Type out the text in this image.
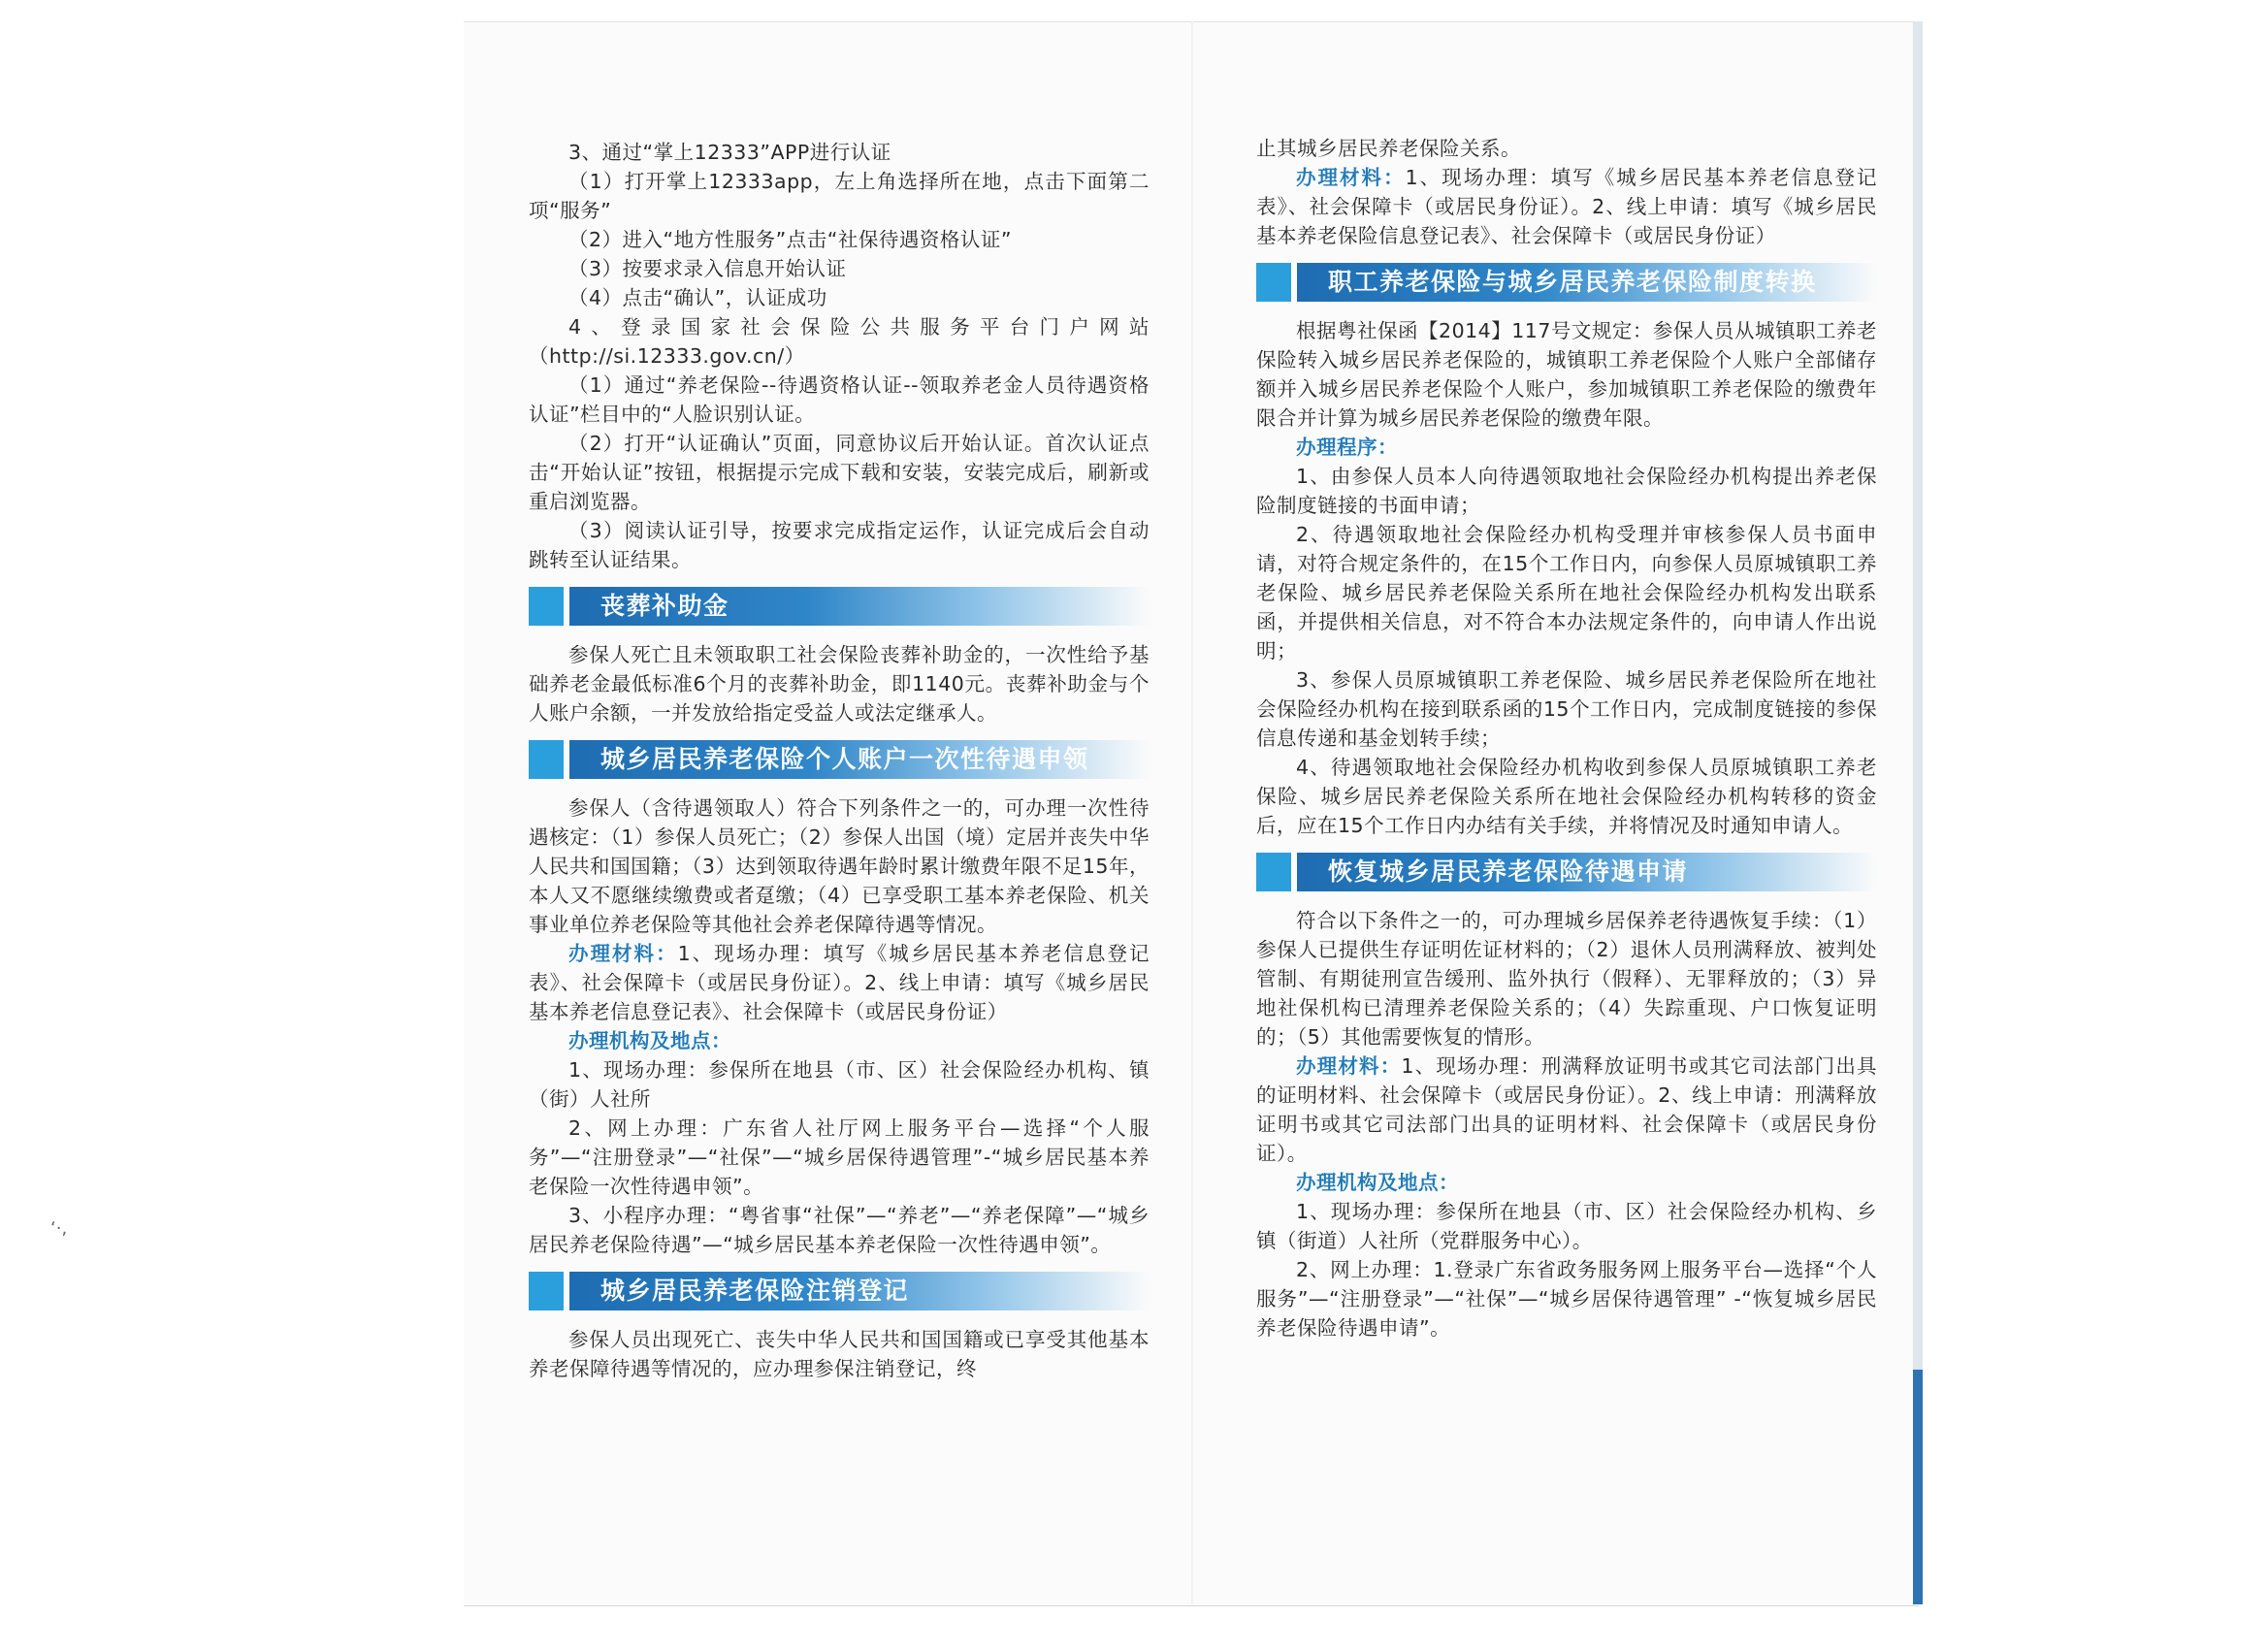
‘·,

3、通过“掌上12333”APP进行认证

（1）打开掌上12333app，左上角选择所在地，点击下面第二项“服务”

（2）进入“地方性服务”点击“社保待遇资格认证”

（3）按要求录入信息开始认证

（4）点击“确认”，认证成功

4、登录国家社会保险公共服务平台门户网站（http://si.12333.gov.cn/）

（1）通过“养老保险--待遇资格认证--领取养老金人员待遇资格认证”栏目中的“人脸识别认证。

（2）打开“认证确认”页面，同意协议后开始认证。首次认证点击“开始认证”按钮，根据提示完成下载和安装，安装完成后，刷新或重启浏览器。

（3）阅读认证引导，按要求完成指定运作，认证完成后会自动跳转至认证结果。

丧葬补助金

参保人死亡且未领取职工社会保险丧葬补助金的，一次性给予基础养老金最低标准6个月的丧葬补助金，即1140元。丧葬补助金与个人账户余额，一并发放给指定受益人或法定继承人。

城乡居民养老保险个人账户一次性待遇申领

参保人（含待遇领取人）符合下列条件之一的，可办理一次性待遇核定：（1）参保人员死亡；（2）参保人出国（境）定居并丧失中华人民共和国国籍；（3）达到领取待遇年龄时累计缴费年限不足15年，本人又不愿继续缴费或者趸缴；（4）已享受职工基本养老保险、机关事业单位养老保险等其他社会养老保障待遇等情况。

办理材料：1、现场办理：填写《城乡居民基本养老信息登记表》、社会保障卡（或居民身份证）。2、线上申请：填写《城乡居民基本养老信息登记表》、社会保障卡（或居民身份证）

办理机构及地点：

1、现场办理：参保所在地县（市、区）社会保险经办机构、镇（街）人社所

2、网上办理：广东省人社厅网上服务平台—选择“个人服务”—“注册登录”—“社保”—“城乡居保待遇管理”-“城乡居民基本养老保险一次性待遇申领”。

3、小程序办理：“粤省事“社保”—“养老”—“养老保障”—“城乡居民养老保险待遇”—“城乡居民基本养老保险一次性待遇申领”。

城乡居民养老保险注销登记

参保人员出现死亡、丧失中华人民共和国国籍或已享受其他基本养老保障待遇等情况的，应办理参保注销登记，终

止其城乡居民养老保险关系。

办理材料：1、现场办理：填写《城乡居民基本养老信息登记表》、社会保障卡（或居民身份证）。2、线上申请：填写《城乡居民基本养老保险信息登记表》、社会保障卡（或居民身份证）

职工养老保险与城乡居民养老保险制度转换

根据粤社保函【2014】117号文规定：参保人员从城镇职工养老保险转入城乡居民养老保险的，城镇职工养老保险个人账户全部储存额并入城乡居民养老保险个人账户，参加城镇职工养老保险的缴费年限合并计算为城乡居民养老保险的缴费年限。

办理程序：

1、由参保人员本人向待遇领取地社会保险经办机构提出养老保险制度链接的书面申请；

2、待遇领取地社会保险经办机构受理并审核参保人员书面申请，对符合规定条件的，在15个工作日内，向参保人员原城镇职工养老保险、城乡居民养老保险关系所在地社会保险经办机构发出联系函，并提供相关信息，对不符合本办法规定条件的，向申请人作出说明；

3、参保人员原城镇职工养老保险、城乡居民养老保险所在地社会保险经办机构在接到联系函的15个工作日内，完成制度链接的参保信息传递和基金划转手续；

4、待遇领取地社会保险经办机构收到参保人员原城镇职工养老保险、城乡居民养老保险关系所在地社会保险经办机构转移的资金后，应在15个工作日内办结有关手续，并将情况及时通知申请人。

恢复城乡居民养老保险待遇申请

符合以下条件之一的，可办理城乡居保养老待遇恢复手续：（1）参保人已提供生存证明佐证材料的；（2）退休人员刑满释放、被判处管制、有期徒刑宣告缓刑、监外执行（假释）、无罪释放的；（3）异地社保机构已清理养老保险关系的；（4）失踪重现、户口恢复证明的；（5）其他需要恢复的情形。

办理材料：1、现场办理：刑满释放证明书或其它司法部门出具的证明材料、社会保障卡（或居民身份证）。2、线上申请：刑满释放证明书或其它司法部门出具的证明材料、社会保障卡（或居民身份证）。

办理机构及地点：

1、现场办理：参保所在地县（市、区）社会保险经办机构、乡镇（街道）人社所（党群服务中心）。

2、网上办理：1.登录广东省政务服务网上服务平台—选择“个人服务”—“注册登录”—“社保”—“城乡居保待遇管理” -“恢复城乡居民养老保险待遇申请”。
